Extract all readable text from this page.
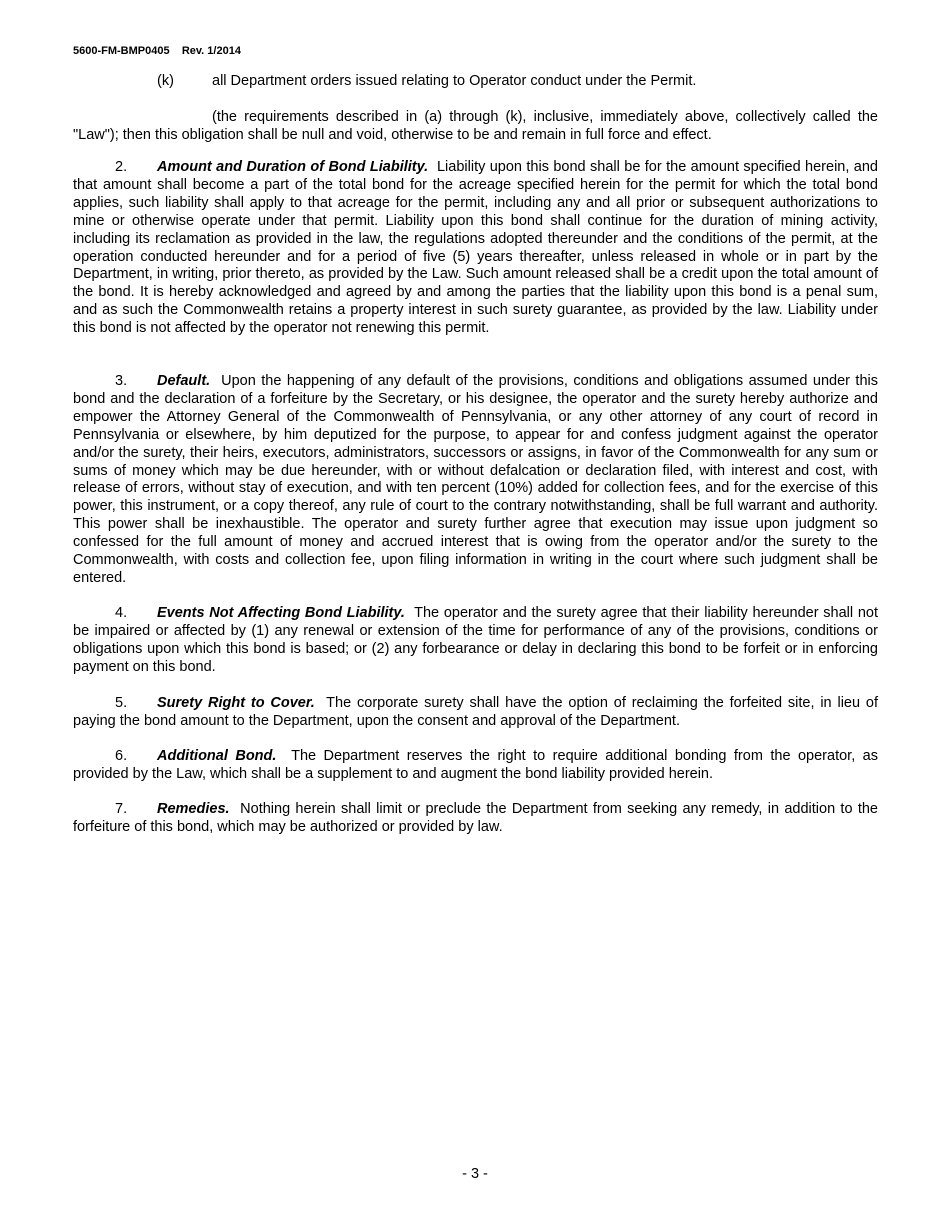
5600-FM-BMP0405    Rev. 1/2014
(k)	all Department orders issued relating to Operator conduct under the Permit.

(the requirements described in (a) through (k), inclusive, immediately above, collectively called the "Law"); then this obligation shall be null and void, otherwise to be and remain in full force and effect.

2. Amount and Duration of Bond Liability. Liability upon this bond shall be for the amount specified herein, and that amount shall become a part of the total bond for the acreage specified herein for the permit for which the total bond applies, such liability shall apply to that acreage for the permit, including any and all prior or subsequent authorizations to mine or otherwise operate under that permit. Liability upon this bond shall continue for the duration of mining activity, including its reclamation as provided in the law, the regulations adopted thereunder and the conditions of the permit, at the operation conducted hereunder and for a period of five (5) years thereafter, unless released in whole or in part by the Department, in writing, prior thereto, as provided by the Law. Such amount released shall be a credit upon the total amount of the bond. It is hereby acknowledged and agreed by and among the parties that the liability upon this bond is a penal sum, and as such the Commonwealth retains a property interest in such surety guarantee, as provided by the law. Liability under this bond is not affected by the operator not renewing this permit.

3. Default. Upon the happening of any default of the provisions, conditions and obligations assumed under this bond and the declaration of a forfeiture by the Secretary, or his designee, the operator and the surety hereby authorize and empower the Attorney General of the Commonwealth of Pennsylvania, or any other attorney of any court of record in Pennsylvania or elsewhere, by him deputized for the purpose, to appear for and confess judgment against the operator and/or the surety, their heirs, executors, administrators, successors or assigns, in favor of the Commonwealth for any sum or sums of money which may be due hereunder, with or without defalcation or declaration filed, with interest and cost, with release of errors, without stay of execution, and with ten percent (10%) added for collection fees, and for the exercise of this power, this instrument, or a copy thereof, any rule of court to the contrary notwithstanding, shall be full warrant and authority. This power shall be inexhaustible. The operator and surety further agree that execution may issue upon judgment so confessed for the full amount of money and accrued interest that is owing from the operator and/or the surety to the Commonwealth, with costs and collection fee, upon filing information in writing in the court where such judgment shall be entered.

4. Events Not Affecting Bond Liability. The operator and the surety agree that their liability hereunder shall not be impaired or affected by (1) any renewal or extension of the time for performance of any of the provisions, conditions or obligations upon which this bond is based; or (2) any forbearance or delay in declaring this bond to be forfeit or in enforcing payment on this bond.

5. Surety Right to Cover. The corporate surety shall have the option of reclaiming the forfeited site, in lieu of paying the bond amount to the Department, upon the consent and approval of the Department.

6. Additional Bond. The Department reserves the right to require additional bonding from the operator, as provided by the Law, which shall be a supplement to and augment the bond liability provided herein.

7. Remedies. Nothing herein shall limit or preclude the Department from seeking any remedy, in addition to the forfeiture of this bond, which may be authorized or provided by law.

- 3 -
